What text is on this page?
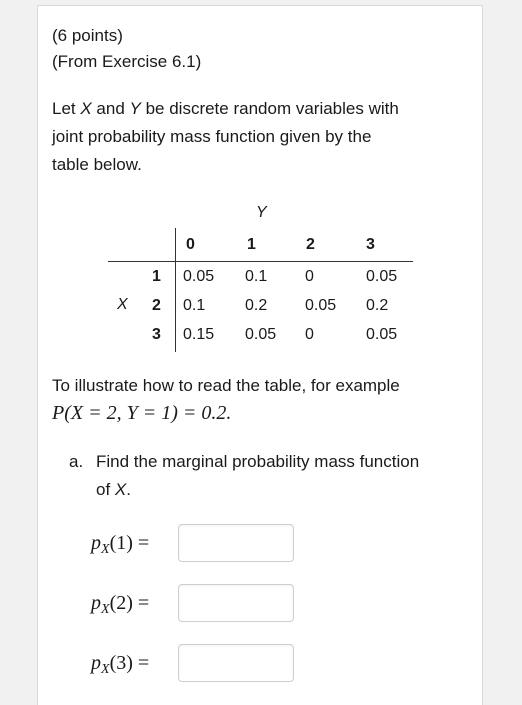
(6 points)
(From Exercise 6.1)
Let X and Y be discrete random variables with
joint probability mass function given by the
table below.
Y
0	1	2	3
X
1 0.05 0.1 0	0.05
2 0.1 0.2 0.05 0.2
3 0.15 0.05 0	0.05
To illustrate how to read the table, for example
P(X = 2, Y = 1) = 0.2.
a. Find the marginal probability mass function
of X.
$p_X(1)$ =
$p_X(2)$ =
$p_X(3)$ =
